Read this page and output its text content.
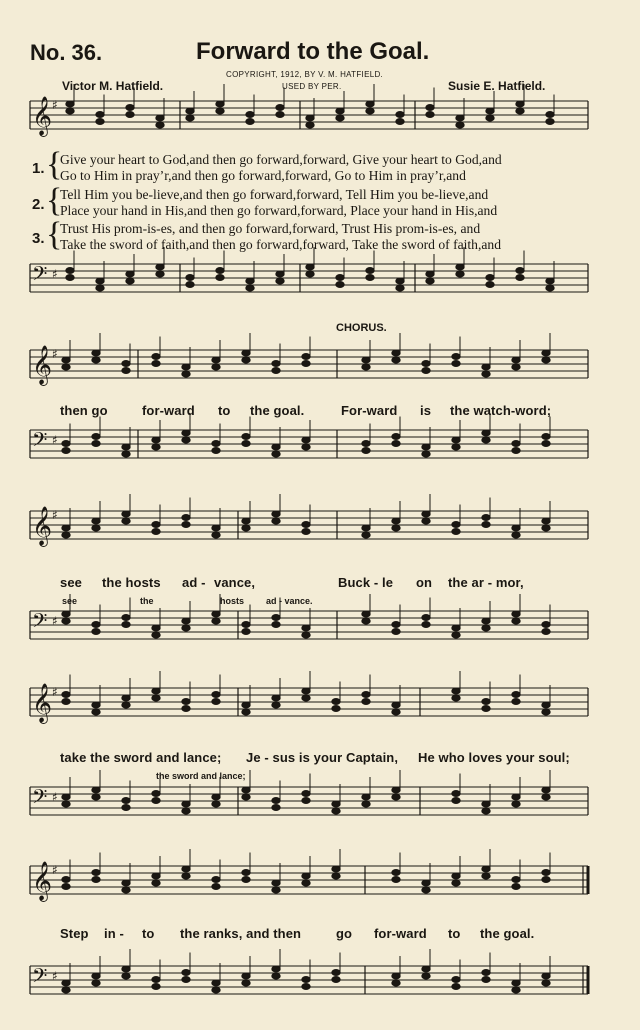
No. 36.	Forward to the Goal.
COPYRIGHT, 1912, BY V. M. HATFIELD.
USED BY PER.
Victor M. Hatfield.	Susie E. Hatfield.
𝄞 ♯
𝄢 ♯
𝄞 ♯
𝄢 ♯
𝄞 ♯
𝄢 ♯
𝄞 ♯
𝄢 ♯
𝄞 ♯
𝄢 ♯
1. {
Give your heart to God,and then go forward,forward, Give your heart to God,and
Go to Him in pray’r,and then go forward,forward, Go to Him in pray’r,and
2. {
Tell Him you be-lieve,and then go forward,forward, Tell Him you be-lieve,and
Place your hand in His,and then go forward,forward, Place your hand in His,and
3. {
Trust His prom-is-es, and then go forward,forward, Trust His prom-is-es, and
Take the sword of faith,and then go forward,forward, Take the sword of faith,and
CHORUS.
then go	for-ward to the goal.	For-ward is the watch-word;
see the hosts ad - vance,	Buck - le on the ar - mor,
see	the	hosts ad - vance.
take the sword and lance; Je - sus is your Captain, He who loves your soul;
the sword and lance;
Step in - to the ranks, and then	go for-ward to the goal.
